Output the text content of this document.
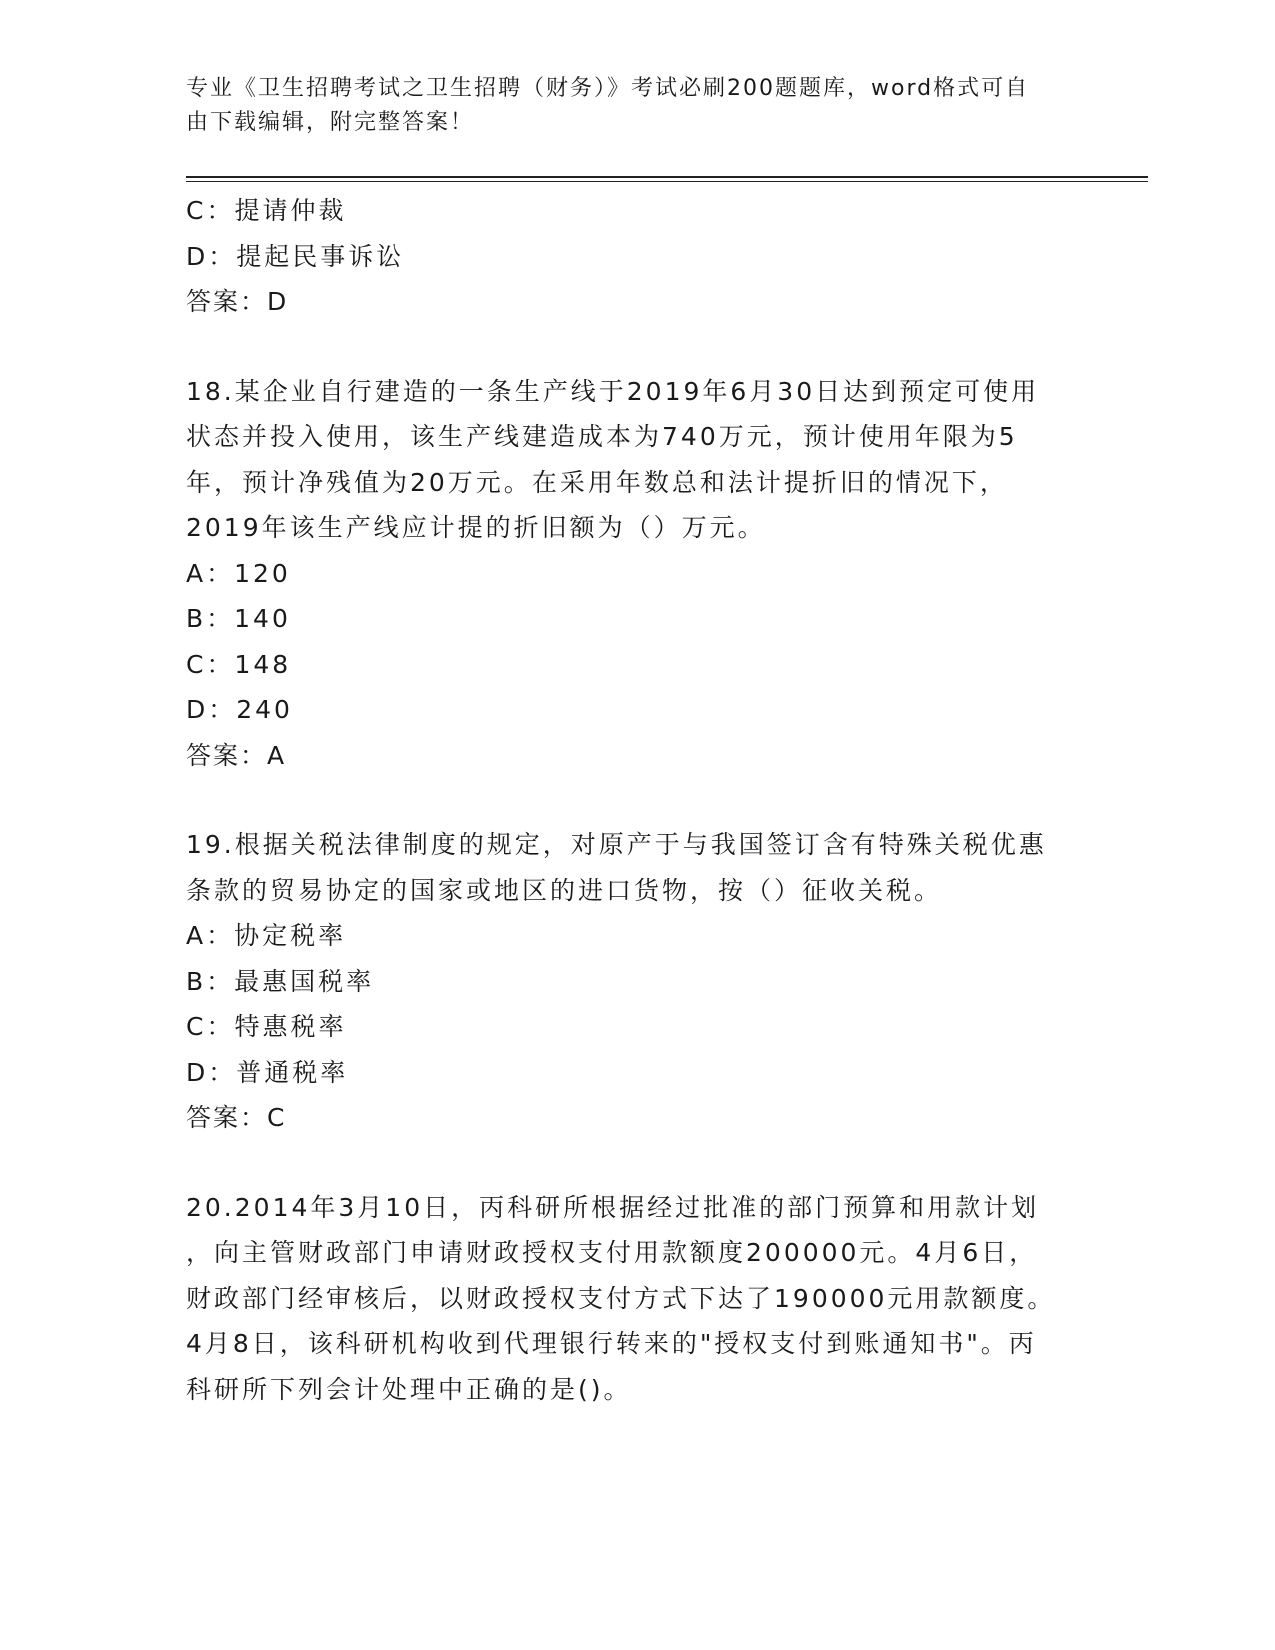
专业《卫生招聘考试之卫生招聘（财务）》考试必刷200题题库，word格式可自
由下载编辑，附完整答案！
C：提请仲裁
D：提起民事诉讼
答案：D
18.某企业自行建造的一条生产线于2019年6月30日达到预定可使用
状态并投入使用，该生产线建造成本为740万元，预计使用年限为5
年，预计净残值为20万元。在采用年数总和法计提折旧的情况下，
2019年该生产线应计提的折旧额为（）万元。
A：120
B：140
C：148
D：240
答案：A
19.根据关税法律制度的规定，对原产于与我国签订含有特殊关税优惠
条款的贸易协定的国家或地区的进口货物，按（）征收关税。
A：协定税率
B：最惠国税率
C：特惠税率
D：普通税率
答案：C
20.2014年3月10日，丙科研所根据经过批准的部门预算和用款计划
，向主管财政部门申请财政授权支付用款额度200000元。4月6日，
财政部门经审核后，以财政授权支付方式下达了190000元用款额度。
4月8日，该科研机构收到代理银行转来的"授权支付到账通知书"。丙
科研所下列会计处理中正确的是()。
